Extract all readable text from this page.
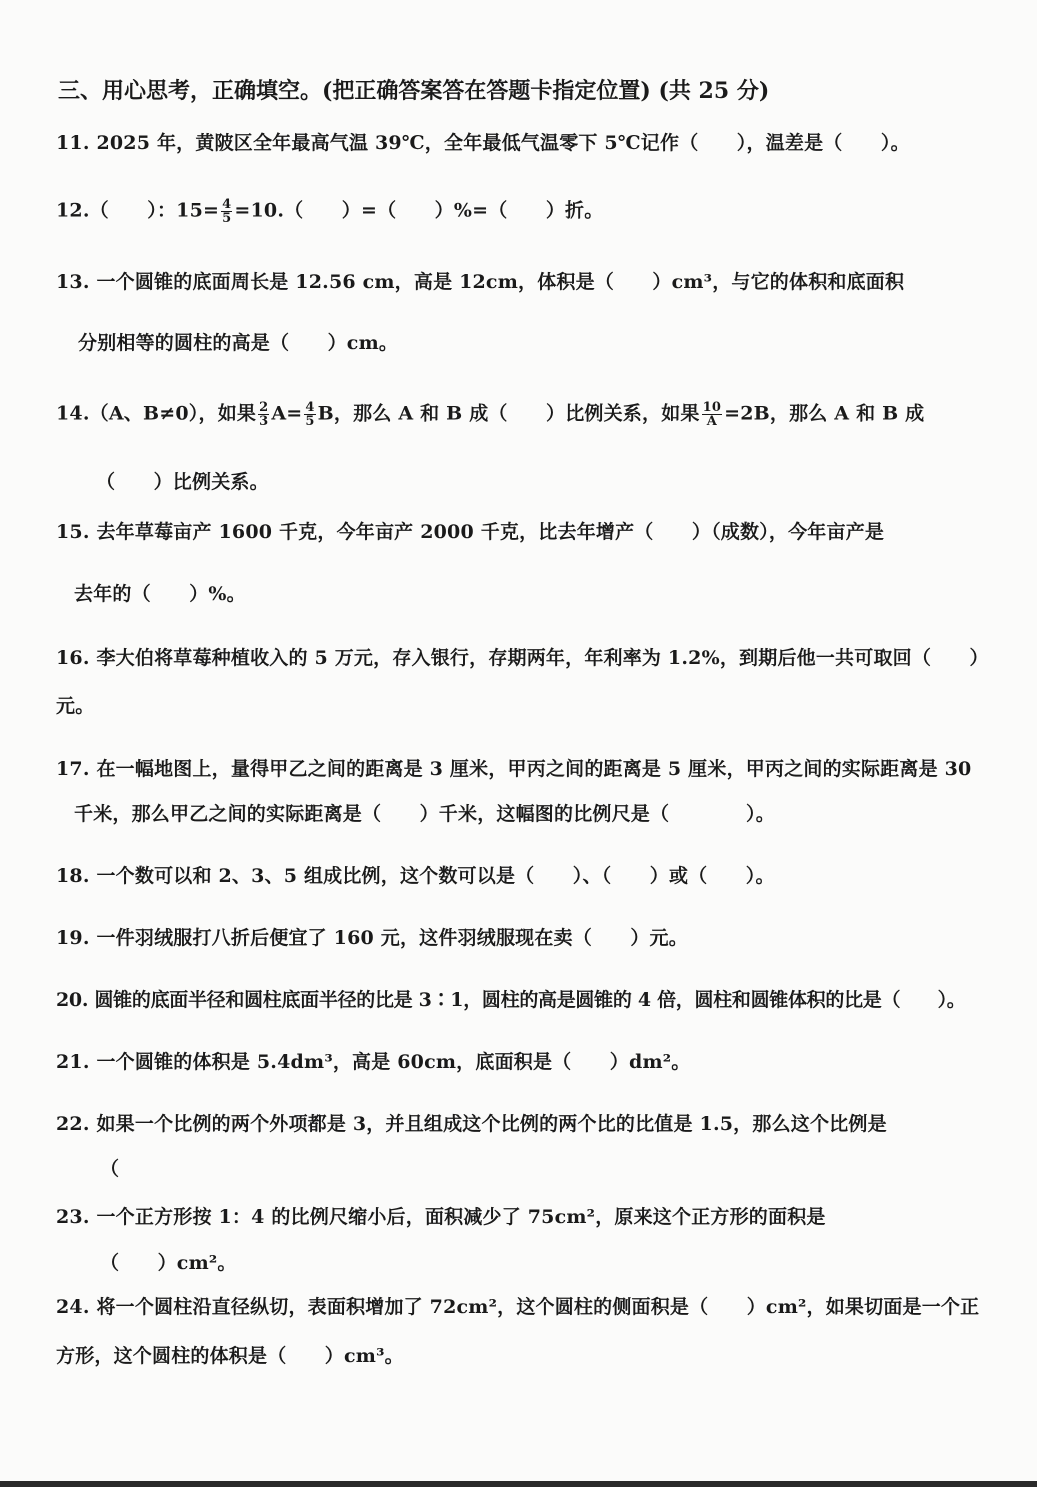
三、用心思考，正确填空。(把正确答案答在答题卡指定位置) (共 25 分)
11. 2025 年，黄陂区全年最高气温 39℃，全年最低气温零下 5℃记作（　　），温差是（　　）。
12.（　　）：$15= \frac{4}{5} =10$.（　　）=（　　）%=（　　）折。
13. 一个圆锥的底面周长是 12.56 cm，高是 12cm，体积是（　　）cm³，与它的体积和底面积
分别相等的圆柱的高是（　　）cm。
14.（A、B≠0），如果 $\frac{2}{3} A= \frac{4}{5}$ B，那么 A 和 B 成（　　）比例关系，如果 $\frac{10}{A} =2B$，那么 A 和 B 成
（　　）比例关系。
15. 去年草莓亩产 1600 千克，今年亩产 2000 千克，比去年增产（　　）（成数），今年亩产是
去年的（　　）%。
16. 李大伯将草莓种植收入的 5 万元，存入银行，存期两年，年利率为 1.2%，到期后他一共可取回（　　）
元。
17. 在一幅地图上，量得甲乙之间的距离是 3 厘米，甲丙之间的距离是 5 厘米，甲丙之间的实际距离是 30
千米，那么甲乙之间的实际距离是（　　）千米，这幅图的比例尺是（　　　　）。
18. 一个数可以和 2、3、5 组成比例，这个数可以是（　　）、（　　）或（　　）。
19. 一件羽绒服打八折后便宜了 160 元，这件羽绒服现在卖（　　）元。
20. 圆锥的底面半径和圆柱底面半径的比是 3∶1，圆柱的高是圆锥的 4 倍，圆柱和圆锥体积的比是（　　）。
21. 一个圆锥的体积是 5.4dm³，高是 60cm，底面积是（　　）dm²。
22. 如果一个比例的两个外项都是 3，并且组成这个比例的两个比的比值是 1.5，那么这个比例是
（
23. 一个正方形按 1：4 的比例尺缩小后，面积减少了 75cm²，原来这个正方形的面积是
（　　）cm²。
24. 将一个圆柱沿直径纵切，表面积增加了 72cm²，这个圆柱的侧面积是（　　）cm²，如果切面是一个正
方形，这个圆柱的体积是（　　）cm³。
